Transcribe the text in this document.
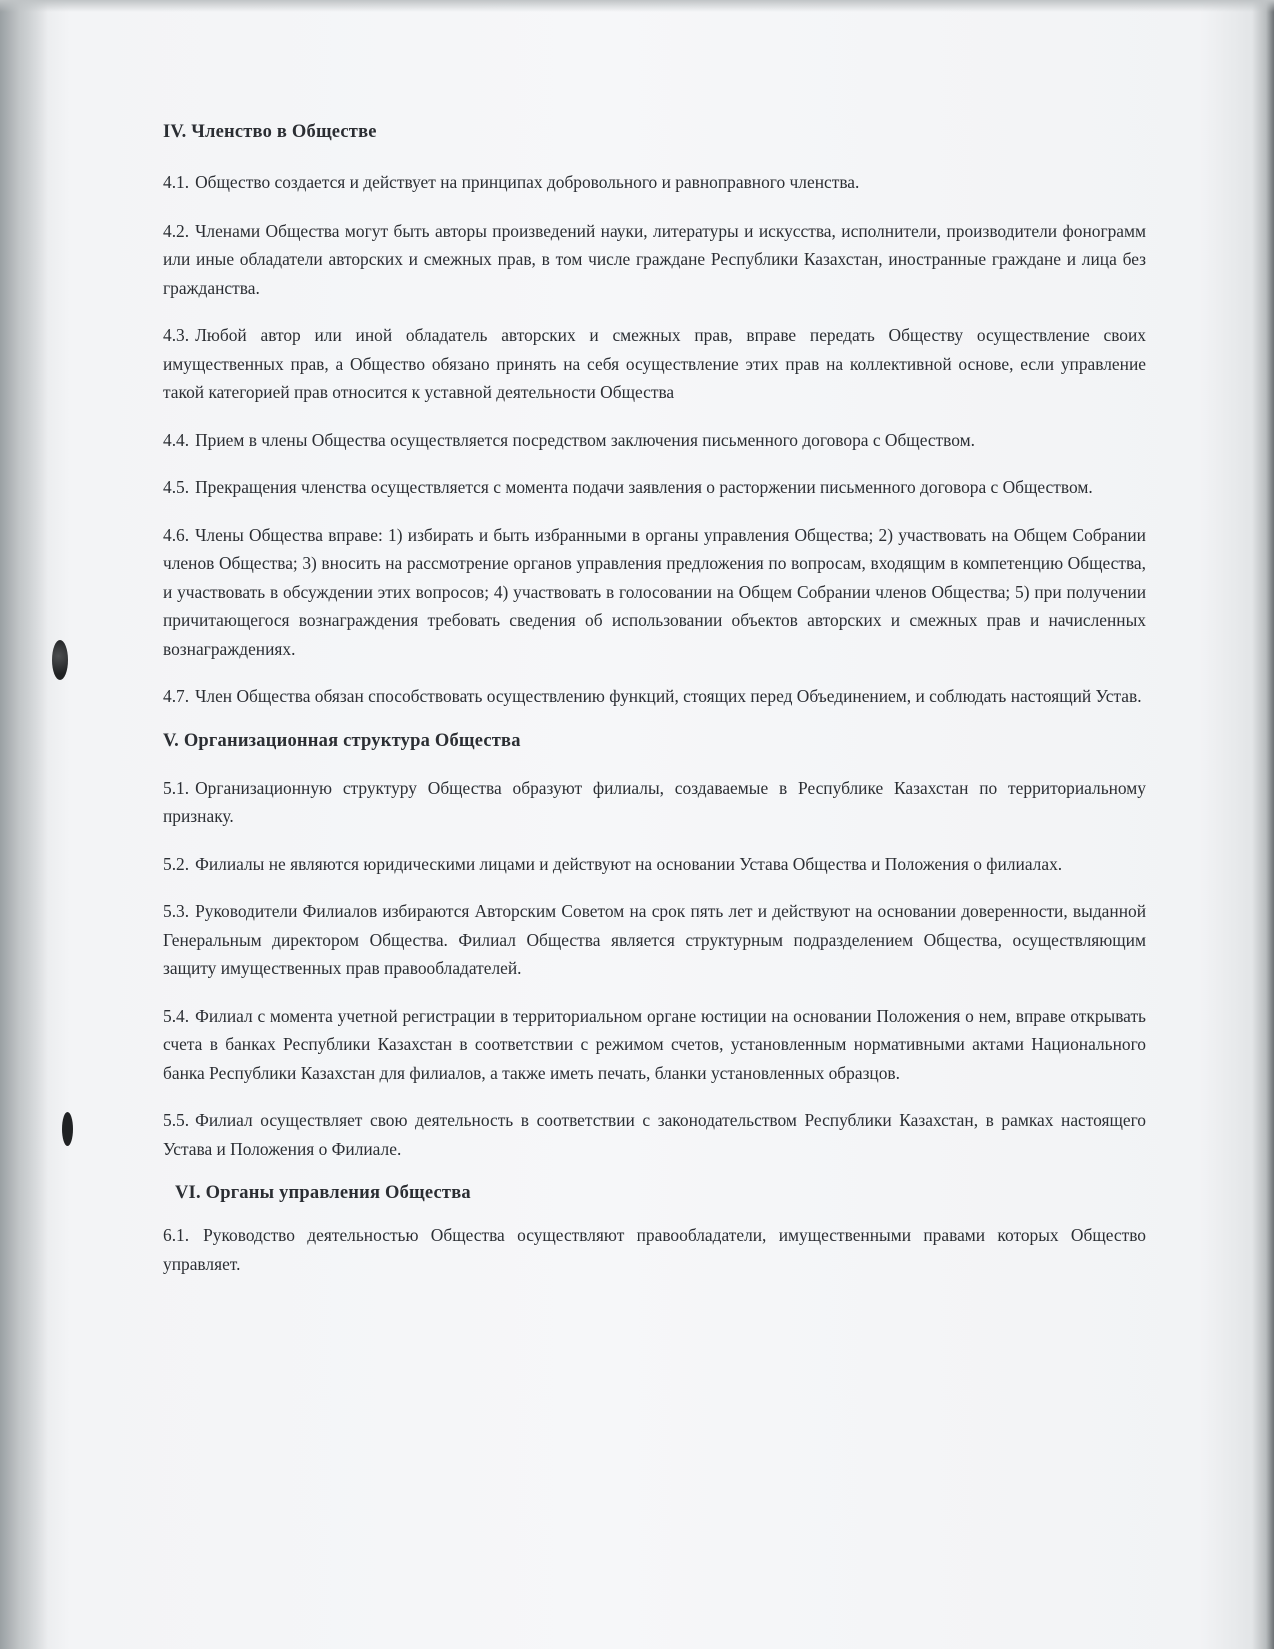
IV. Членство в Обществе

4.1. Общество создается и действует на принципах добровольного и равноправного членства.

4.2. Членами Общества могут быть авторы произведений науки, литературы и искусства, исполнители, производители фонограмм или иные обладатели авторских и смежных прав, в том числе граждане Республики Казахстан, иностранные граждане и лица без гражданства.

4.3. Любой автор или иной обладатель авторских и смежных прав, вправе передать Обществу осуществление своих имущественных прав, а Общество обязано принять на себя осуществление этих прав на коллективной основе, если управление такой категорией прав относится к уставной деятельности Общества

4.4. Прием в члены Общества осуществляется посредством заключения письменного договора с Обществом.

4.5. Прекращения членства осуществляется с момента подачи заявления о расторжении письменного договора с Обществом.

4.6. Члены Общества вправе: 1) избирать и быть избранными в органы управления Общества; 2) участвовать на Общем Собрании членов Общества; 3) вносить на рассмотрение органов управления предложения по вопросам, входящим в компетенцию Общества, и участвовать в обсуждении этих вопросов; 4) участвовать в голосовании на Общем Собрании членов Общества; 5) при получении причитающегося вознаграждения требовать сведения об использовании объектов авторских и смежных прав и начисленных вознаграждениях.

4.7. Член Общества обязан способствовать осуществлению функций, стоящих перед Объединением, и соблюдать настоящий Устав.

V. Организационная структура Общества

5.1. Организационную структуру Общества образуют филиалы, создаваемые в Республике Казахстан по территориальному признаку.

5.2. Филиалы не являются юридическими лицами и действуют на основании Устава Общества и Положения о филиалах.

5.3. Руководители Филиалов избираются Авторским Советом на срок пять лет и действуют на основании доверенности, выданной Генеральным директором Общества. Филиал Общества является структурным подразделением Общества, осуществляющим защиту имущественных прав правообладателей.

5.4. Филиал с момента учетной регистрации в территориальном органе юстиции на основании Положения о нем, вправе открывать счета в банках Республики Казахстан в соответствии с режимом счетов, установленным нормативными актами Национального банка Республики Казахстан для филиалов, а также иметь печать, бланки установленных образцов.

5.5. Филиал осуществляет свою деятельность в соответствии с законодательством Республики Казахстан, в рамках настоящего Устава и Положения о Филиале.

VI. Органы управления Общества

6.1. Руководство деятельностью Общества осуществляют правообладатели, имущественными правами которых Общество управляет.
